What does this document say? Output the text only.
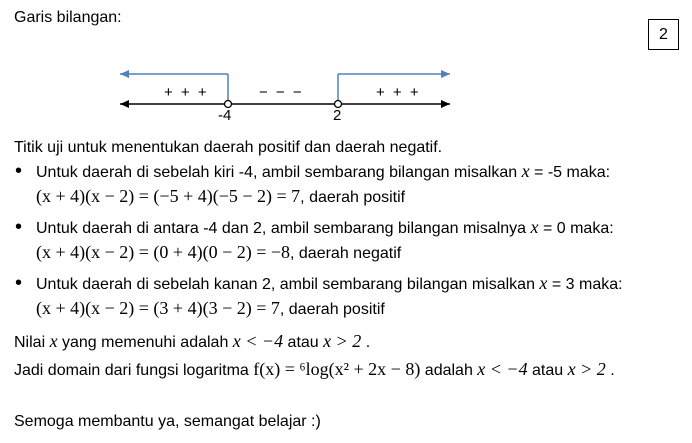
Garis bilangan:
2
+ + +	− − −	+ + +
-4	2
Titik uji untuk menentukan daerah positif dan daerah negatif.
• Untuk daerah di sebelah kiri -4, ambil sembarang bilangan misalkan x = -5 maka:
(x + 4)(x − 2) = (−5 + 4)(−5 − 2) = 7, daerah positif
• Untuk daerah di antara -4 dan 2, ambil sembarang bilangan misalnya x = 0 maka:
(x + 4)(x − 2) = (0 + 4)(0 − 2) = −8, daerah negatif
• Untuk daerah di sebelah kanan 2, ambil sembarang bilangan misalkan x = 3 maka:
(x + 4)(x − 2) = (3 + 4)(3 − 2) = 7, daerah positif
Nilai x yang memenuhi adalah x < −4 atau x > 2 .
Jadi domain dari fungsi logaritma f(x) = ⁶log(x² + 2x − 8) adalah x < −4 atau x > 2 .
Semoga membantu ya, semangat belajar :)
